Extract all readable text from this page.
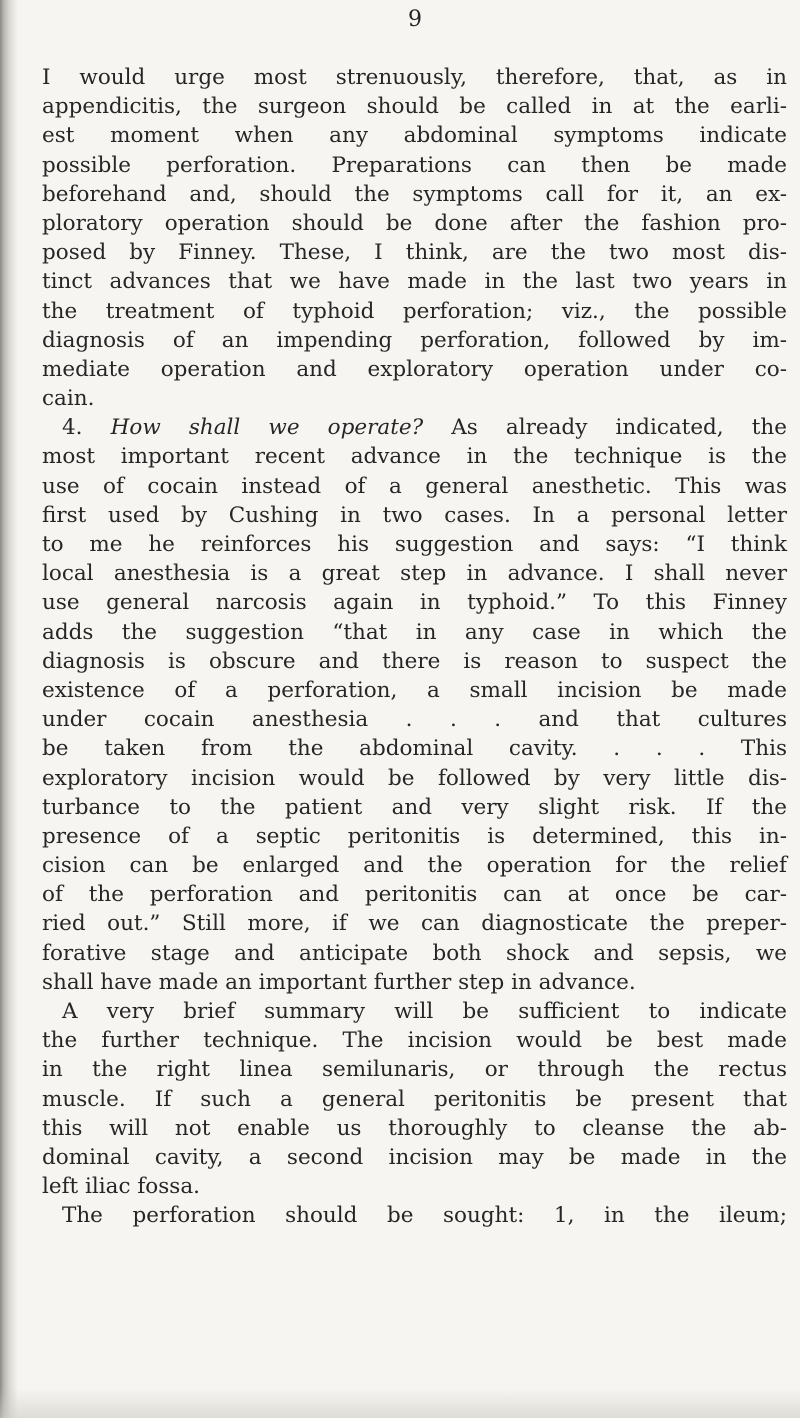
9
I would urge most strenuously, therefore, that, as in
appendicitis, the surgeon should be called in at the earli-
est moment when any abdominal symptoms indicate
possible perforation. Preparations can then be made
beforehand and, should the symptoms call for it, an ex-
ploratory operation should be done after the fashion pro-
posed by Finney. These, I think, are the two most dis-
tinct advances that we have made in the last two years in
the treatment of typhoid perforation; viz., the possible
diagnosis of an impending perforation, followed by im-
mediate operation and exploratory operation under co-
cain.
4. How shall we operate? As already indicated, the
most important recent advance in the technique is the
use of cocain instead of a general anesthetic. This was
first used by Cushing in two cases. In a personal letter
to me he reinforces his suggestion and says: “I think
local anesthesia is a great step in advance. I shall never
use general narcosis again in typhoid.” To this Finney
adds the suggestion “that in any case in which the
diagnosis is obscure and there is reason to suspect the
existence of a perforation, a small incision be made
under cocain anesthesia . . . and that cultures
be taken from the abdominal cavity. . . . This
exploratory incision would be followed by very little dis-
turbance to the patient and very slight risk. If the
presence of a septic peritonitis is determined, this in-
cision can be enlarged and the operation for the relief
of the perforation and peritonitis can at once be car-
ried out.” Still more, if we can diagnosticate the preper-
forative stage and anticipate both shock and sepsis, we
shall have made an important further step in advance.
A very brief summary will be sufficient to indicate
the further technique. The incision would be best made
in the right linea semilunaris, or through the rectus
muscle. If such a general peritonitis be present that
this will not enable us thoroughly to cleanse the ab-
dominal cavity, a second incision may be made in the
left iliac fossa.
The perforation should be sought: 1, in the ileum;
